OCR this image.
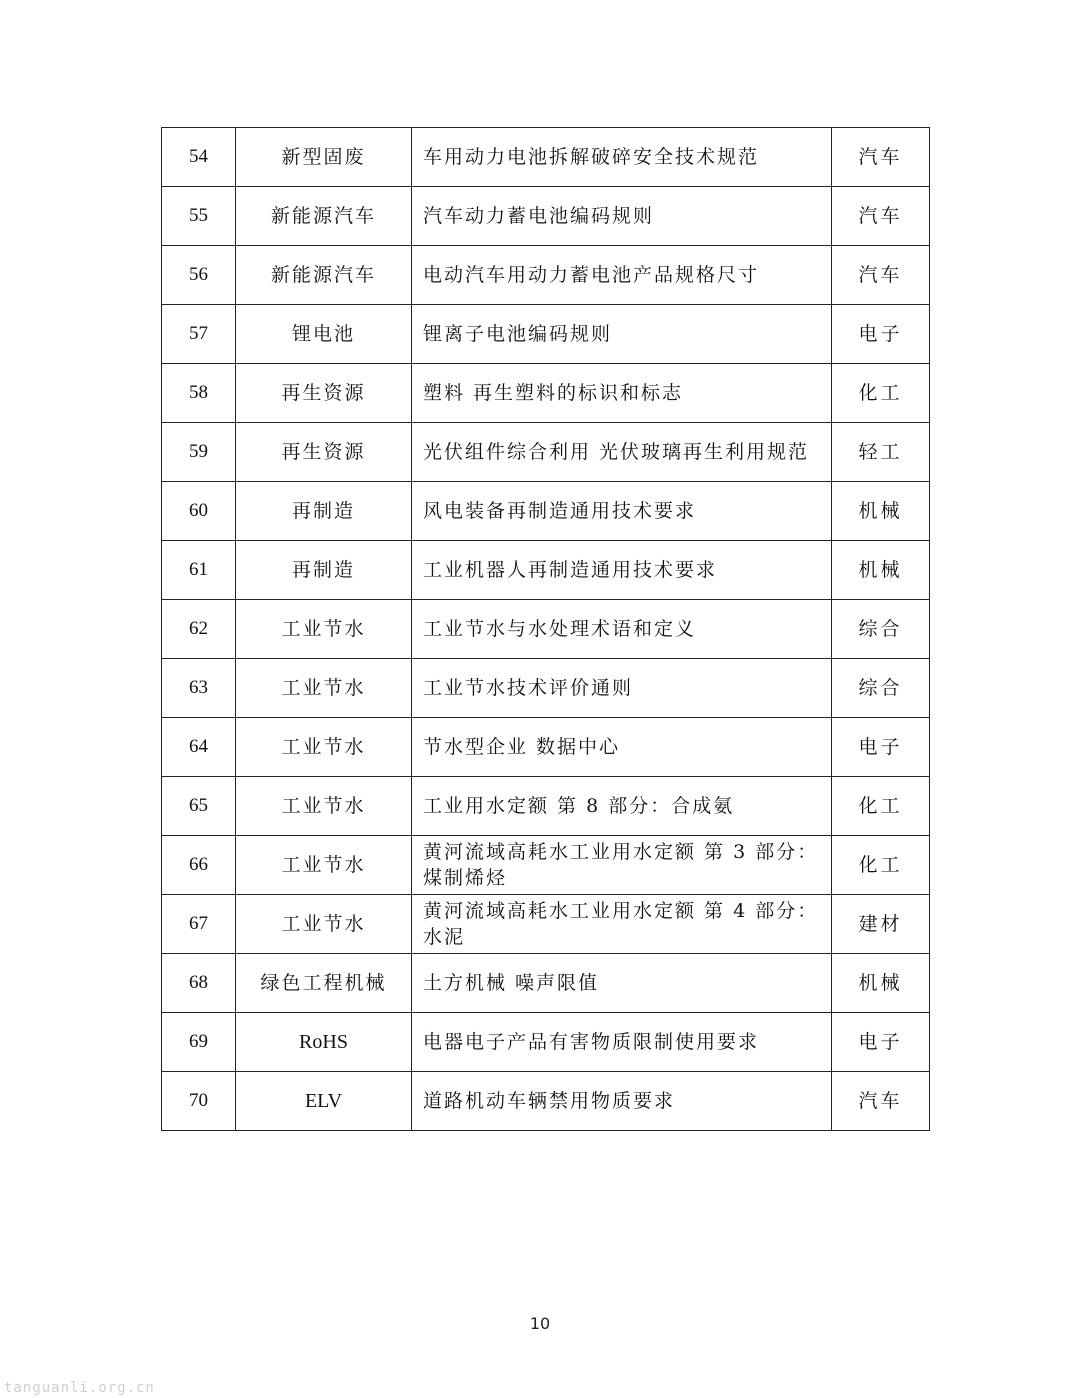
54	新型固废	车用动力电池拆解破碎安全技术规范	汽车
55	新能源汽车	汽车动力蓄电池编码规则	汽车
56	新能源汽车	电动汽车用动力蓄电池产品规格尺寸	汽车
57	锂电池	锂离子电池编码规则	电子
58	再生资源	塑料 再生塑料的标识和标志	化工
59	再生资源	光伏组件综合利用 光伏玻璃再生利用规范	轻工
60	再制造	风电装备再制造通用技术要求	机械
61	再制造	工业机器人再制造通用技术要求	机械
62	工业节水	工业节水与水处理术语和定义	综合
63	工业节水	工业节水技术评价通则	综合
64	工业节水	节水型企业 数据中心	电子
65	工业节水	工业用水定额 第 8 部分：合成氨	化工
66	工业节水	黄河流域高耗水工业用水定额 第 3 部分：煤制烯烃	化工
67	工业节水	黄河流域高耗水工业用水定额 第 4 部分：水泥	建材
68	绿色工程机械	土方机械 噪声限值	机械
69	RoHS	电器电子产品有害物质限制使用要求	电子
70	ELV	道路机动车辆禁用物质要求	汽车
10
tanguanli.org.cn
